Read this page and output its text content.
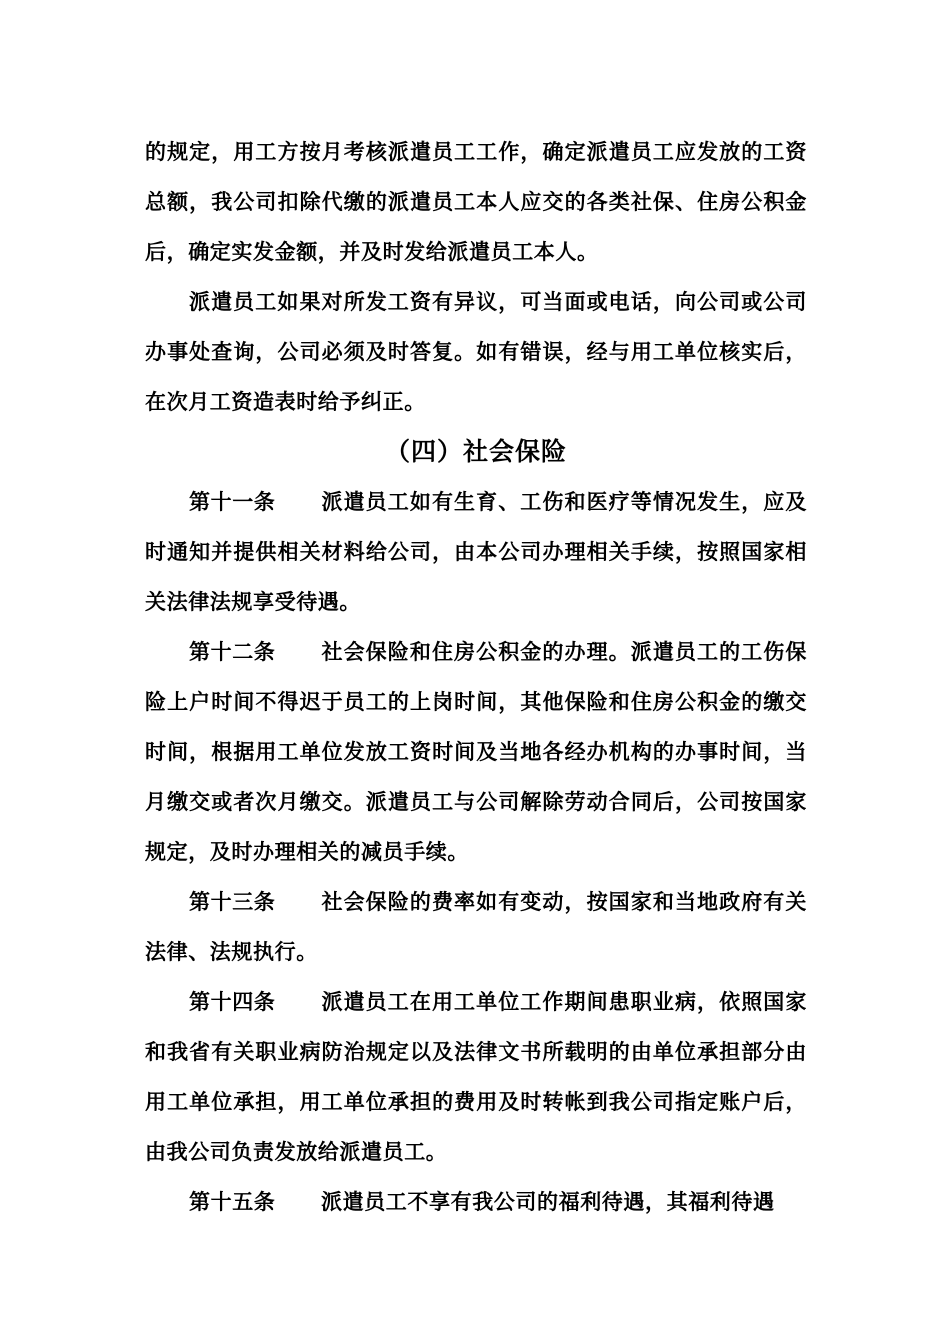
的规定，用工方按月考核派遣员工工作，确定派遣员工应发放的工资总额，我公司扣除代缴的派遣员工本人应交的各类社保、住房公积金后，确定实发金额，并及时发给派遣员工本人。

派遣员工如果对所发工资有异议，可当面或电话，向公司或公司办事处查询，公司必须及时答复。如有错误，经与用工单位核实后，在次月工资造表时给予纠正。

（四）社会保险

第十一条 派遣员工如有生育、工伤和医疗等情况发生，应及时通知并提供相关材料给公司，由本公司办理相关手续，按照国家相关法律法规享受待遇。

第十二条 社会保险和住房公积金的办理。派遣员工的工伤保险上户时间不得迟于员工的上岗时间，其他保险和住房公积金的缴交时间，根据用工单位发放工资时间及当地各经办机构的办事时间，当月缴交或者次月缴交。派遣员工与公司解除劳动合同后，公司按国家规定，及时办理相关的减员手续。

第十三条 社会保险的费率如有变动，按国家和当地政府有关法律、法规执行。

第十四条 派遣员工在用工单位工作期间患职业病，依照国家和我省有关职业病防治规定以及法律文书所载明的由单位承担部分由用工单位承担，用工单位承担的费用及时转帐到我公司指定账户后，由我公司负责发放给派遣员工。

第十五条 派遣员工不享有我公司的福利待遇，其福利待遇
